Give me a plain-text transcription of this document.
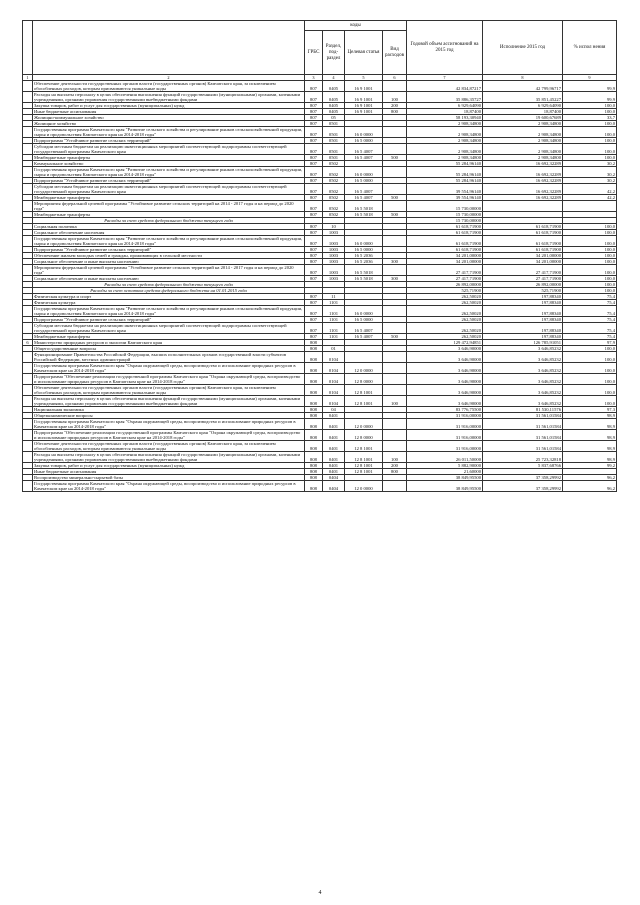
		коды				Годовой объем ассигнований на 2015 год	Исполнение 2015 год	% испол нения
		ГРБС	Раздел, под- раздел	Целевая статья	Вид расходов			
1	2	3	4	5	6	7	8	9
	Обеспечение деятельности государственных органов власти (государственных органов) Камчатского края, за исключением обособленных расходов, которым присваиваются уникальные коды	807	0405	16 9 1001		42 834,87217	42 799,96717	99,9
	Расходы на выплаты персоналу в целях обеспечения выполнения функций государственными (муниципальными) органами, казенными учреждениями, органами управления государственными внебюджетными фондами	807	0405	16 9 1001	100	35 886,35727	35 851,45227	99,9
	Закупка товаров, работ и услуг для государственных (муниципальных) нужд	807	0405	16 9 1001	200	6 929,64090	6 929,64090	100,0
	Иные бюджетные ассигнования	807	0405	16 9 1001	800	18,87400	18,87400	100,0
	Жилищно-коммунальное хозяйство	807	05			58 193,30940	19 600,67689	33,7
	Жилищное хозяйство	807	0501			2 908,34800	2 908,34800	100,0
	Государственная программа Камчатского края "Развитие сельского хозяйства и регулирование рынков сельскохозяйственной продукции, сырья и продовольствия Камчатского края на 2014-2018 годы"	807	0501	16 0 0000		2 908,34800	2 908,34800	100,0
	Подпрограмма "Устойчивое развитие сельских территорий"	807	0501	16 5 0000		2 908,34800	2 908,34800	100,0
	Субсидии местным бюджетам на реализацию инвестиционных мероприятий соответствующей подпрограммы соответствующей государственной программы Камчатского края	807	0501	16 5 4007		2 908,34800	2 908,34800	100,0
	Межбюджетные трансферты	807	0501	16 5 4007	500	2 908,34800	2 908,34800	100,0
	Коммунальное хозяйство	807	0502			55 284,96140	16 692,32289	30,2
	Государственная программа Камчатского края "Развитие сельского хозяйства и регулирование рынков сельскохозяйственной продукции, сырья и продовольствия Камчатского края на 2014-2018 годы"	807	0502	16 0 0000		55 284,96140	16 692,32289	30,2
	Подпрограмма "Устойчивое развитие сельских территорий"	807	0502	16 5 0000		55 284,96140	16 692,32289	30,2
	Субсидии местным бюджетам на реализацию инвестиционных мероприятий соответствующей подпрограммы соответствующей государственной программы Камчатского края	807	0502	16 5 4007		39 554,96140	16 692,32289	42,2
	Межбюджетные трансферты	807	0502	16 5 4007	500	39 554,96140	16 692,32289	42,2
	Мероприятия федеральной целевой программы "Устойчивое развитие сельских территорий на 2014 - 2017 годы и на период до 2020 года"	807	0502	16 5 5018		15 730,00000		
	Межбюджетные трансферты	807	0502	16 5 5018	500	15 730,00000		
	Расходы за счет средств федерального бюджета текущего года					15 730,00000		
	Социальная политика	807	10			61 618,71900	61 618,71900	100,0
	Социальное обеспечение населения	807	1003			61 618,71900	61 618,71900	100,0
	Государственная программа Камчатского края "Развитие сельского хозяйства и регулирование рынков сельскохозяйственной продукции, сырья и продовольствия Камчатского края на 2014-2018 годы"	807	1003	16 0 0000		61 618,71900	61 618,71900	100,0
	Подпрограмма "Устойчивое развитие сельских территорий"	807	1003	16 5 0000		61 618,71900	61 618,71900	100,0
	Обеспечение жильем молодых семей и граждан, проживающих в сельской местности	807	1003	16 5 2036		34 201,00000	34 201,00000	100,0
	Социальное обеспечение и иные выплаты населению	807	1003	16 5 2036	300	34 201,00000	34 201,00000	100,0
	Мероприятия федеральной целевой программы "Устойчивое развитие сельских территорий на 2014 - 2017 годы и на период до 2020 года"	807	1003	16 5 5018		27 417,71900	27 417,71900	100,0
	Социальное обеспечение и иные выплаты населению	807	1003	16 5 5018	300	27 417,71900	27 417,71900	100,0
	Расходы за счет средств федерального бюджета текущего года					26 892,00000	26 892,00000	100,0
	Расходы за счет остатков средств федерального бюджета на 01.01.2015 года					525,71900	525,71900	100,0
	Физическая культура и спорт	807	11			262,50020	197,88340	75,4
	Физическая культура	807	1101			262,50020	197,88340	75,4
	Государственная программа Камчатского края "Развитие сельского хозяйства и регулирование рынков сельскохозяйственной продукции, сырья и продовольствия Камчатского края на 2014-2018 годы"	807	1101	16 0 0000		262,50020	197,88340	75,4
	Подпрограмма "Устойчивое развитие сельских территорий"	807	1101	16 5 0000		262,50020	197,88340	75,4
	Субсидии местным бюджетам на реализацию инвестиционных мероприятий соответствующей подпрограммы соответствующей государственной программы Камчатского края	807	1101	16 5 4007		262,50020	197,88340	75,4
	Межбюджетные трансферты	807	1101	16 5 4007	500	262,50020	197,88340	75,4
6	Министерство природных ресурсов и экологии Камчатского края	808				129 472,94851	126 785,91051	97,9
	Общегосударственные вопросы	808	01			3 646,90000	3 646,85232	100,0
	Функционирование Правительства Российской Федерации, высших исполнительных органов государственной власти субъектов Российской Федерации, местных администраций	808	0104			3 646,90000	3 646,85232	100,0
	Государственная программа Камчатского края "Охрана окружающей среды, воспроизводство и использование природных ресурсов в Камчатском крае на 2014-2018 годы"	808	0104	12 0 0000		3 646,90000	3 646,85232	100,0
	Подпрограмма "Обеспечение реализации государственной программы Камчатского края "Охрана окружающей среды, воспроизводство и использование природных ресурсов в Камчатском крае на 2014-2018 годы"	808	0104	12 8 0000		3 646,90000	3 646,85232	100,0
	Обеспечение деятельности государственных органов власти (государственных органов) Камчатского края, за исключением обособленных расходов, которым присваиваются уникальные коды	808	0104	12 8 1001		3 646,90000	3 646,85232	100,0
	Расходы на выплаты персоналу в целях обеспечения выполнения функций государственными (муниципальными) органами, казенными учреждениями, органами управления государственными внебюджетными фондами	808	0104	12 8 1001	100	3 646,90000	3 646,85232	100,0
	Национальная экономика	808	04			83 776,75500	81 530,11576	97,3
	Общеэкономические вопросы	808	0401			31 916,00000	31 561,01584	98,9
	Государственная программа Камчатского края "Охрана окружающей среды, воспроизводство и использование природных ресурсов в Камчатском крае на 2014-2018 годы"	808	0401	12 0 0000		31 916,00000	31 561,01584	98,9
	Подпрограмма "Обеспечение реализации государственной программы Камчатского края "Охрана окружающей среды, воспроизводство и использование природных ресурсов в Камчатском крае на 2014-2018 годы"	808	0401	12 8 0000		31 916,00000	31 561,01584	98,9
	Обеспечение деятельности государственных органов власти (государственных органов) Камчатского края, за исключением обособленных расходов, которым присваиваются уникальные коды	808	0401	12 8 1001		31 916,00000	31 561,01584	98,9
	Расходы на выплаты персоналу в целях обеспечения выполнения функций государственными (муниципальными) органами, казенными учреждениями, органами управления государственными внебюджетными фондами	808	0401	12 8 1001	100	26 011,50000	25 723,32818	98,9
	Закупка товаров, работ и услуг для государственных (муниципальных) нужд	808	0401	12 8 1001	200	5 882,90000	5 837,68766	99,2
	Иные бюджетные ассигнования	808	0401	12 8 1001	800	21,60000		
	Воспроизводство минерально-сырьевой базы	808	0404			38 849,95500	37 358,29992	96,2
	Государственная программа Камчатского края "Охрана окружающей среды, воспроизводство и использование природных ресурсов в Камчатском крае на 2014-2018 годы"	808	0404	12 0 0000		38 849,95500	37 358,29992	96,2
4
